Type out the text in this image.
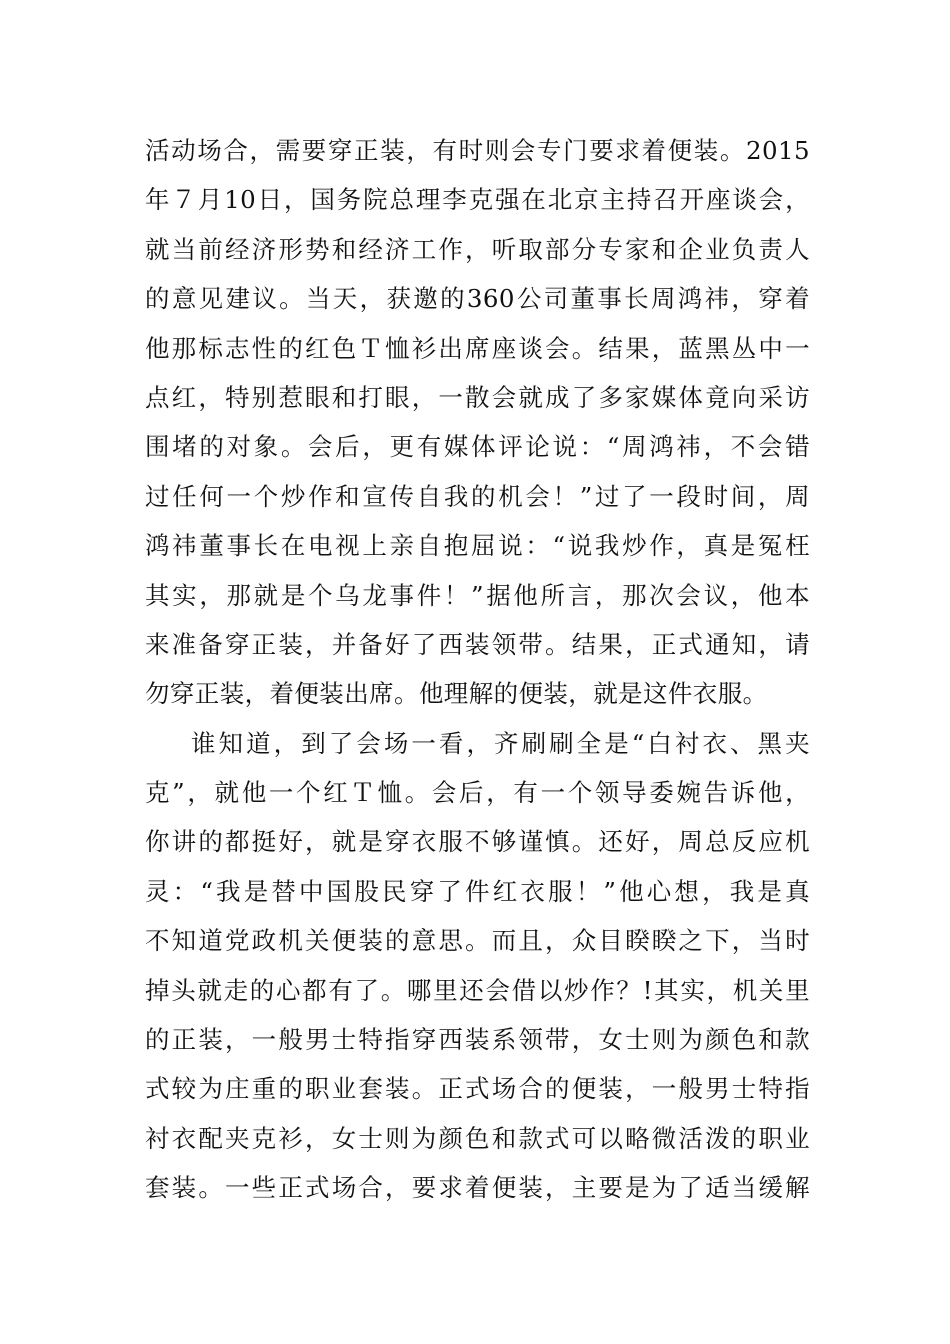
活动场合，需要穿正装，有时则会专门要求着便装。2015
年７月10日，国务院总理李克强在北京主持召开座谈会，
就当前经济形势和经济工作，听取部分专家和企业负责人
的意见建议。当天，获邀的360公司董事长周鸿祎，穿着
他那标志性的红色Ｔ恤衫出席座谈会。结果，蓝黑丛中一
点红，特别惹眼和打眼，一散会就成了多家媒体竟向采访
围堵的对象。会后，更有媒体评论说：“周鸿祎，不会错
过任何一个炒作和宣传自我的机会！”过了一段时间，周
鸿祎董事长在电视上亲自抱屈说：“说我炒作，真是冤枉
其实，那就是个乌龙事件！”据他所言，那次会议，他本
来准备穿正装，并备好了西装领带。结果，正式通知，请
勿穿正装，着便装出席。他理解的便装，就是这件衣服。
谁知道，到了会场一看，齐刷刷全是“白衬衣、黑夹
克”，就他一个红Ｔ恤。会后，有一个领导委婉告诉他，
你讲的都挺好，就是穿衣服不够谨慎。还好，周总反应机
灵：“我是替中国股民穿了件红衣服！”他心想，我是真
不知道党政机关便装的意思。而且，众目睽睽之下，当时
掉头就走的心都有了。哪里还会借以炒作？!其实，机关里
的正装，一般男士特指穿西装系领带，女士则为颜色和款
式较为庄重的职业套装。正式场合的便装，一般男士特指
衬衣配夹克衫，女士则为颜色和款式可以略微活泼的职业
套装。一些正式场合，要求着便装，主要是为了适当缓解
